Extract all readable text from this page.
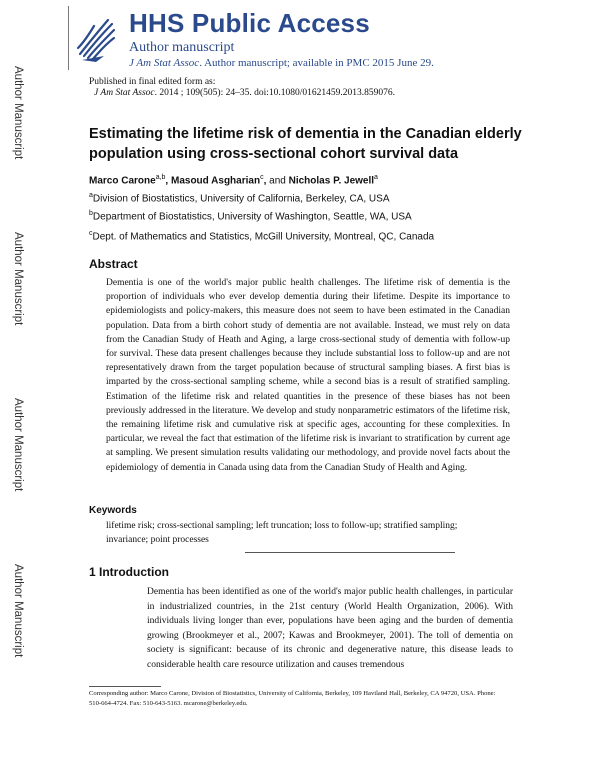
HHS Public Access
Author manuscript
J Am Stat Assoc. Author manuscript; available in PMC 2015 June 29.
Author Manuscript
Author Manuscript
Author Manuscript
Author Manuscript
Published in final edited form as:
J Am Stat Assoc. 2014 ; 109(505): 24–35. doi:10.1080/01621459.2013.859076.
Estimating the lifetime risk of dementia in the Canadian elderly population using cross-sectional cohort survival data
Marco Carone$^{a,b}$, Masoud Asgharian$^c$, and Nicholas P. Jewell$^a$
$^a$Division of Biostatistics, University of California, Berkeley, CA, USA
$^b$Department of Biostatistics, University of Washington, Seattle, WA, USA
$^c$Dept. of Mathematics and Statistics, McGill University, Montreal, QC, Canada
Abstract
Dementia is one of the world's major public health challenges. The lifetime risk of dementia is the proportion of individuals who ever develop dementia during their lifetime. Despite its importance to epidemiologists and policy-makers, this measure does not seem to have been estimated in the Canadian population. Data from a birth cohort study of dementia are not available. Instead, we must rely on data from the Canadian Study of Heath and Aging, a large cross-sectional study of dementia with follow-up for survival. These data present challenges because they include substantial loss to follow-up and are not representatively drawn from the target population because of structural sampling biases. A first bias is imparted by the cross-sectional sampling scheme, while a second bias is a result of stratified sampling. Estimation of the lifetime risk and related quantities in the presence of these biases has not been previously addressed in the literature. We develop and study nonparametric estimators of the lifetime risk, the remaining lifetime risk and cumulative risk at specific ages, accounting for these complexities. In particular, we reveal the fact that estimation of the lifetime risk is invariant to stratification by current age at sampling. We present simulation results validating our methodology, and provide novel facts about the epidemiology of dementia in Canada using data from the Canadian Study of Health and Aging.
Keywords
lifetime risk; cross-sectional sampling; left truncation; loss to follow-up; stratified sampling; invariance; point processes
1 Introduction
Dementia has been identified as one of the world's major public health challenges, in particular in industrialized countries, in the 21st century (World Health Organization, 2006). With individuals living longer than ever, populations have been aging and the burden of dementia growing (Brookmeyer et al., 2007; Kawas and Brookmeyer, 2001). The toll of dementia on society is significant: because of its chronic and degenerative nature, this disease leads to considerable health care resource utilization and causes tremendous
Corresponding author: Marco Carone, Division of Biostatistics, University of California, Berkeley, 109 Haviland Hall, Berkeley, CA 94720, USA. Phone: 510-664-4724. Fax: 510-643-5163. mcarone@berkeley.edu.
